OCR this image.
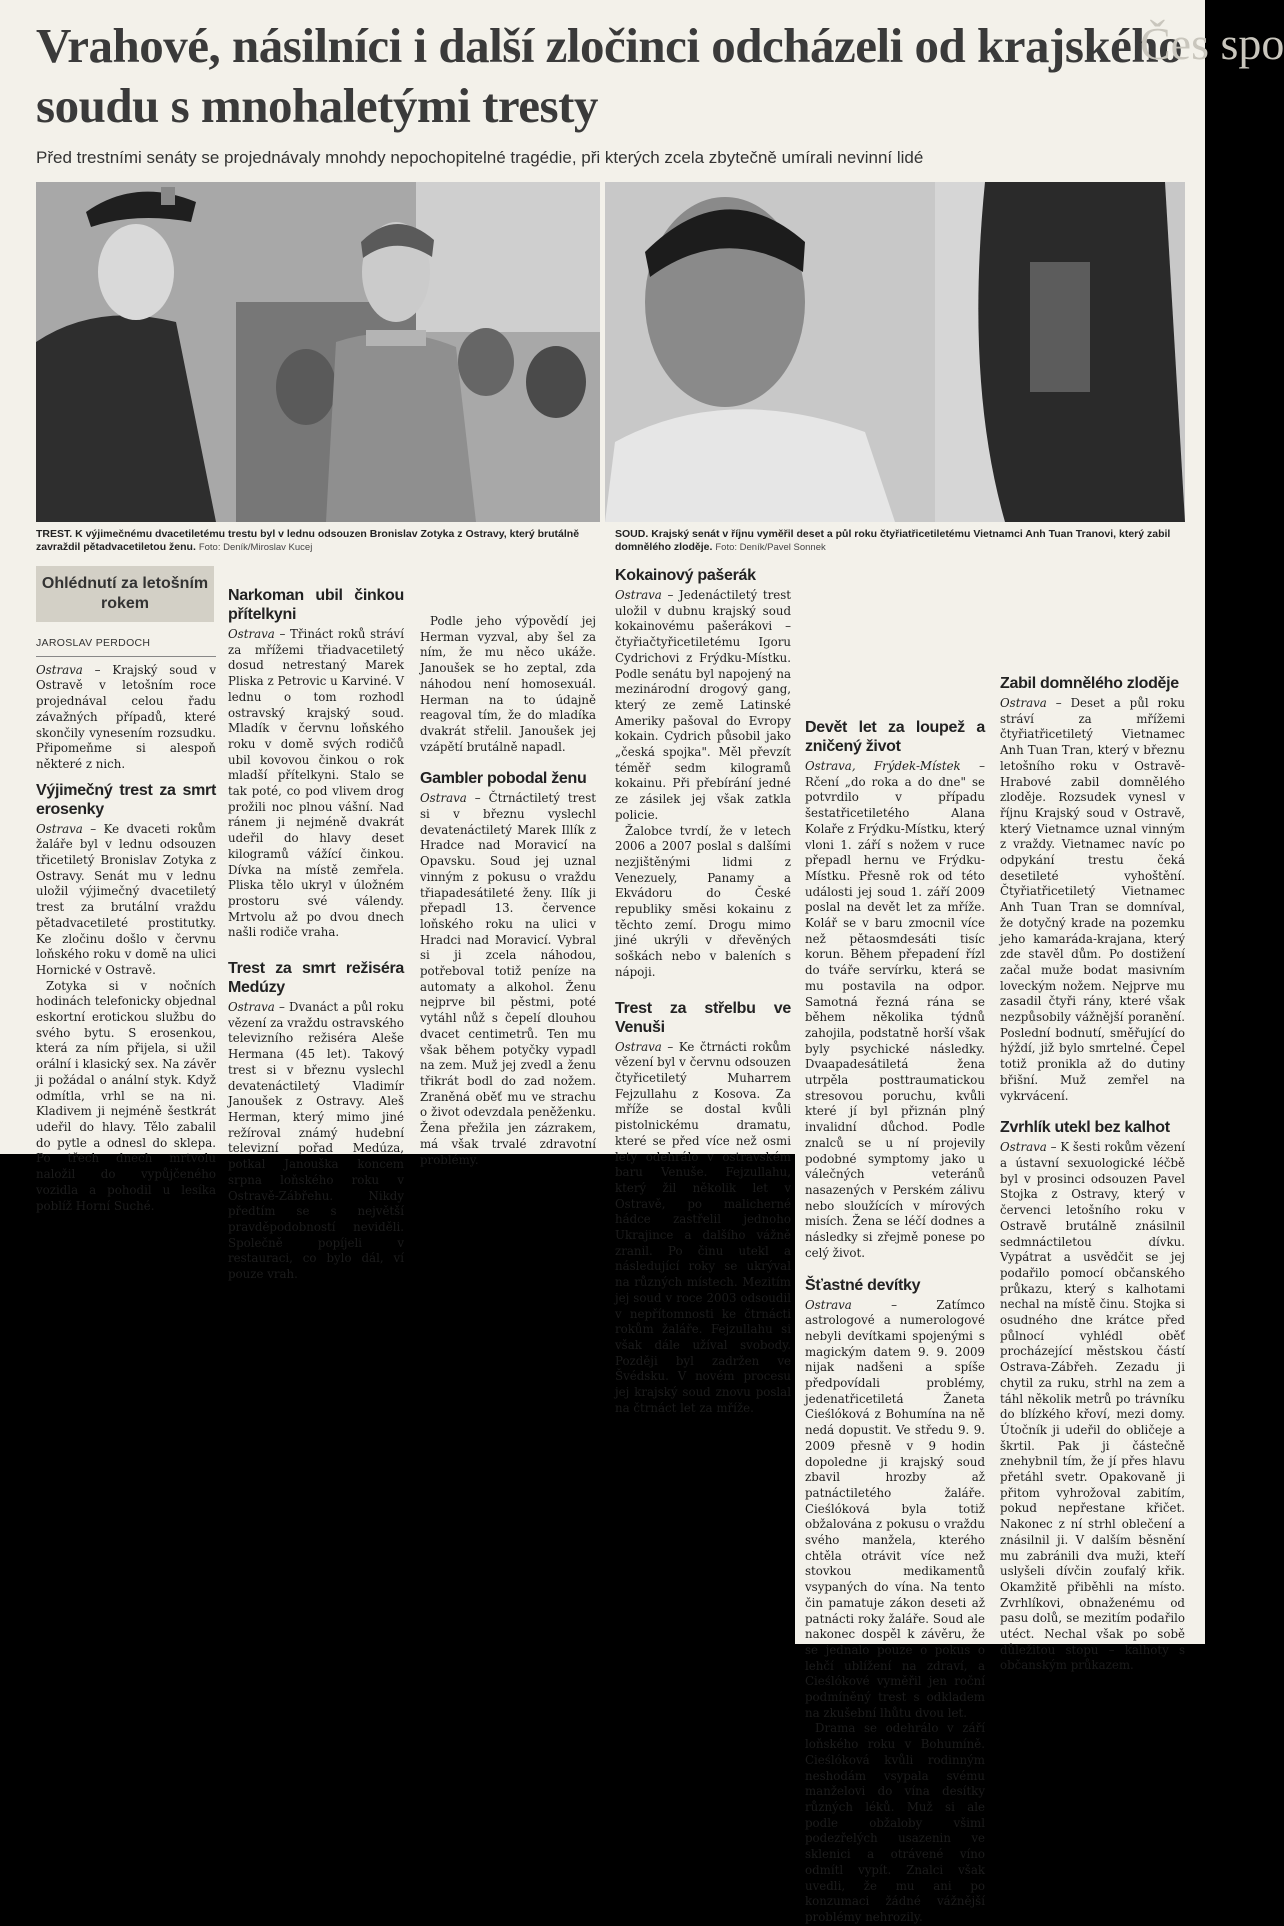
Vrahové, násilníci i další zločinci odcházeli od krajského soudu s mnohaletými tresty
Čes spo

Před trestními senáty se projednávaly mnohdy nepochopitelné tragédie, při kterých zcela zbytečně umírali nevinní lidé

TREST. K výjimečnému dvacetiletému trestu byl v lednu odsouzen Bronislav Zotyka z Ostravy, který brutálně zavraždil pětadvacetiletou ženu. Foto: Deník/Miroslav Kucej

SOUD. Krajský senát v říjnu vyměřil deset a půl roku čtyřiatřicetiletému Vietnamci Anh Tuan Tranovi, který zabil domnělého zloděje. Foto: Deník/Pavel Sonnek

Ohlédnutí za letošním rokem
JAROSLAV PERDOCH

Ostrava – Krajský soud v Ostravě v letošním roce projednával celou řadu závažných případů, které skončily vynesením rozsudku. Připomeňme si alespoň některé z nich.

Výjimečný trest za smrt erosenky

Ostrava – Ke dvaceti rokům žaláře byl v lednu odsouzen třicetiletý Bronislav Zotyka z Ostravy. Senát mu v lednu uložil výjimečný dvacetiletý trest za brutální vraždu pětadvacetileté prostitutky. Ke zločinu došlo v červnu loňského roku v domě na ulici Hornické v Ostravě.

Zotyka si v nočních hodinách telefonicky objednal eskortní erotickou službu do svého bytu. S erosenkou, která za ním přijela, si užil orální i klasický sex. Na závěr ji požádal o anální styk. Když odmítla, vrhl se na ni. Kladivem ji nejméně šestkrát udeřil do hlavy. Tělo zabalil do pytle a odnesl do sklepa. Po třech dnech mrtvolu naložil do vypůjčeného vozidla a pohodil u lesíka poblíž Horní Suché.

Narkoman ubil činkou přítelkyni

Ostrava – Třináct roků stráví za mřížemi třiadvacetiletý dosud netrestaný Marek Pliska z Petrovic u Karviné. V lednu o tom rozhodl ostravský krajský soud. Mladík v červnu loňského roku v domě svých rodičů ubil kovovou činkou o rok mladší přítelkyni. Stalo se tak poté, co pod vlivem drog prožili noc plnou vášní. Nad ránem ji nejméně dvakrát udeřil do hlavy deset kilogramů vážící činkou. Dívka na místě zemřela. Pliska tělo ukryl v úložném prostoru své válendy. Mrtvolu až po dvou dnech našli rodiče vraha.

Trest za smrt režiséra Medúzy

Ostrava – Dvanáct a půl roku vězení za vraždu ostravského televizního režiséra Aleše Hermana (45 let). Takový trest si v březnu vyslechl devatenáctiletý Vladimír Janoušek z Ostravy. Aleš Herman, který mimo jiné režíroval známý hudební televizní pořad Medúza, potkal Janouška koncem srpna loňského roku v Ostravě-Zábřehu. Nikdy předtím se s největší pravděpodobností neviděli. Společně popíjeli v restauraci, co bylo dál, ví pouze vrah.

Podle jeho výpovědí jej Herman vyzval, aby šel za ním, že mu něco ukáže. Janoušek se ho zeptal, zda náhodou není homosexuál. Herman na to údajně reagoval tím, že do mladíka dvakrát střelil. Janoušek jej vzápětí brutálně napadl.

Gambler pobodal ženu

Ostrava – Čtrnáctiletý trest si v březnu vyslechl devatenáctiletý Marek Illík z Hradce nad Moravicí na Opavsku. Soud jej uznal vinným z pokusu o vraždu třiapadesátileté ženy. Ilík ji přepadl 13. července loňského roku na ulici v Hradci nad Moravicí. Vybral si ji zcela náhodou, potřeboval totiž peníze na automaty a alkohol. Ženu nejprve bil pěstmi, poté vytáhl nůž s čepelí dlouhou dvacet centimetrů. Ten mu však během potyčky vypadl na zem. Muž jej zvedl a ženu třikrát bodl do zad nožem. Zraněná oběť mu ve strachu o život odevzdala peněženku. Žena přežila jen zázrakem, má však trvalé zdravotní problémy.

Kokainový pašerák

Ostrava – Jedenáctiletý trest uložil v dubnu krajský soud kokainovému pašerákovi – čtyřiačtyřicetiletému Igoru Cydrichovi z Frýdku-Místku. Podle senátu byl napojený na mezinárodní drogový gang, který ze země Latinské Ameriky pašoval do Evropy kokain. Cydrich působil jako „česká spojka". Měl převzít téměř sedm kilogramů kokainu. Při přebírání jedné ze zásilek jej však zatkla policie.

Žalobce tvrdí, že v letech 2006 a 2007 poslal s dalšími nezjištěnými lidmi z Venezuely, Panamy a Ekvádoru do České republiky směsi kokainu z těchto zemí. Drogu mimo jiné ukrýli v dřevěných soškách nebo v baleních s nápoji.

Trest za střelbu ve Venuši

Ostrava – Ke čtrnácti rokům vězení byl v červnu odsouzen čtyřicetiletý Muharrem Fejzullahu z Kosova. Za mříže se dostal kvůli pistolnickému dramatu, které se před více než osmi lety odehrálo v ostravském baru Venuše. Fejzullahu, který žil několik let v Ostravě, po malicherné hádce zastřelil jednoho Ukrajince a dalšího vážně zranil. Po činu utekl a následující roky se ukrýval na různých místech. Mezitím jej soud v roce 2003 odsoudil v nepřítomnosti ke čtrnácti rokům žaláře. Fejzullahu si však dále užíval svobody. Později byl zadržen ve Švédsku. V novém procesu jej krajský soud znovu poslal na čtrnáct let za mříže.

Devět let za loupež a zničený život

Ostrava, Frýdek-Místek – Rčení „do roka a do dne" se potvrdilo v případu šestatřicetiletého Alana Kolaře z Frýdku-Místku, který vloni 1. září s nožem v ruce přepadl hernu ve Frýdku-Místku. Přesně rok od této události jej soud 1. září 2009 poslal na devět let za mříže. Kolář se v baru zmocnil více než pětaosmdesáti tisíc korun. Během přepadení řízl do tváře servírku, která se mu postavila na odpor. Samotná řezná rána se během několika týdnů zahojila, podstatně horší však byly psychické následky. Dvaapadesátiletá žena utrpěla posttraumatickou stresovou poruchu, kvůli které jí byl přiznán plný invalidní důchod. Podle znalců se u ní projevily podobné symptomy jako u válečných veteránů nasazených v Perském zálivu nebo sloužících v mírových misích. Žena se léčí dodnes a následky si zřejmě ponese po celý život.

Šťastné devítky

Ostrava – Zatímco astrologové a numerologové nebyli devítkami spojenými s magickým datem 9. 9. 2009 nijak nadšeni a spíše předpovídali problémy, jedenatřicetiletá Žaneta Cieślóková z Bohumína na ně nedá dopustit. Ve středu 9. 9. 2009 přesně v 9 hodin dopoledne ji krajský soud zbavil hrozby až patnáctiletého žaláře. Cieślóková byla totiž obžalována z pokusu o vraždu svého manžela, kterého chtěla otrávit více než stovkou medikamentů vsypaných do vína. Na tento čin pamatuje zákon deseti až patnácti roky žaláře. Soud ale nakonec dospěl k závěru, že se jednalo pouze o pokus o lehčí ublížení na zdraví, a Cieślókové vyměřil jen roční podmíněný trest s odkladem na zkušební lhůtu dvou let.

Drama se odehrálo v září loňského roku v Bohumíně. Cieślóková kvůli rodinným neshodám vsypala svému manželovi do vína desítky různých léků. Muž si ale podle obžaloby všiml podezřelých usazenin ve sklenici a otrávené víno odmítl vypít. Znalci však uvedli, že mu ani po konzumaci žádné vážnější problémy nehrozily.

Zabil domnělého zloděje

Ostrava – Deset a půl roku stráví za mřížemi čtyřiatřicetiletý Vietnamec Anh Tuan Tran, který v březnu letošního roku v Ostravě-Hrabové zabil domnělého zloděje. Rozsudek vynesl v říjnu Krajský soud v Ostravě, který Vietnamce uznal vinným z vraždy. Vietnamec navíc po odpykání trestu čeká desetileté vyhoštění. Čtyřiatřicetiletý Vietnamec Anh Tuan Tran se domníval, že dotyčný krade na pozemku jeho kamaráda-krajana, který zde stavěl dům. Po dostižení začal muže bodat masivním loveckým nožem. Nejprve mu zasadil čtyři rány, které však nezpůsobily vážnější poranění. Poslední bodnutí, směřující do hýždí, již bylo smrtelné. Čepel totiž pronikla až do dutiny břišní. Muž zemřel na vykrvácení.

Zvrhlík utekl bez kalhot

Ostrava – K šesti rokům vězení a ústavní sexuologické léčbě byl v prosinci odsouzen Pavel Stojka z Ostravy, který v červenci letošního roku v Ostravě brutálně znásilnil sedmnáctiletou dívku. Vypátrat a usvědčit se jej podařilo pomocí občanského průkazu, který s kalhotami nechal na místě činu. Stojka si osudného dne krátce před půlnocí vyhlédl oběť procházející městskou částí Ostrava-Zábřeh. Zezadu ji chytil za ruku, strhl na zem a táhl několik metrů po trávníku do blízkého křoví, mezi domy. Útočník ji udeřil do obličeje a škrtil. Pak ji částečně znehybnil tím, že jí přes hlavu přetáhl svetr. Opakovaně ji přitom vyhrožoval zabitím, pokud nepřestane křičet. Nakonec z ní strhl oblečení a znásilnil ji. V dalším běsnění mu zabránili dva muži, kteří uslyšeli dívčin zoufalý křik. Okamžitě přiběhli na místo. Zvrhlíkovi, obnaženému od pasu dolů, se mezitím podařilo utéct. Nechal však po sobě důležitou stopu – kalhoty s občanským průkazem.
